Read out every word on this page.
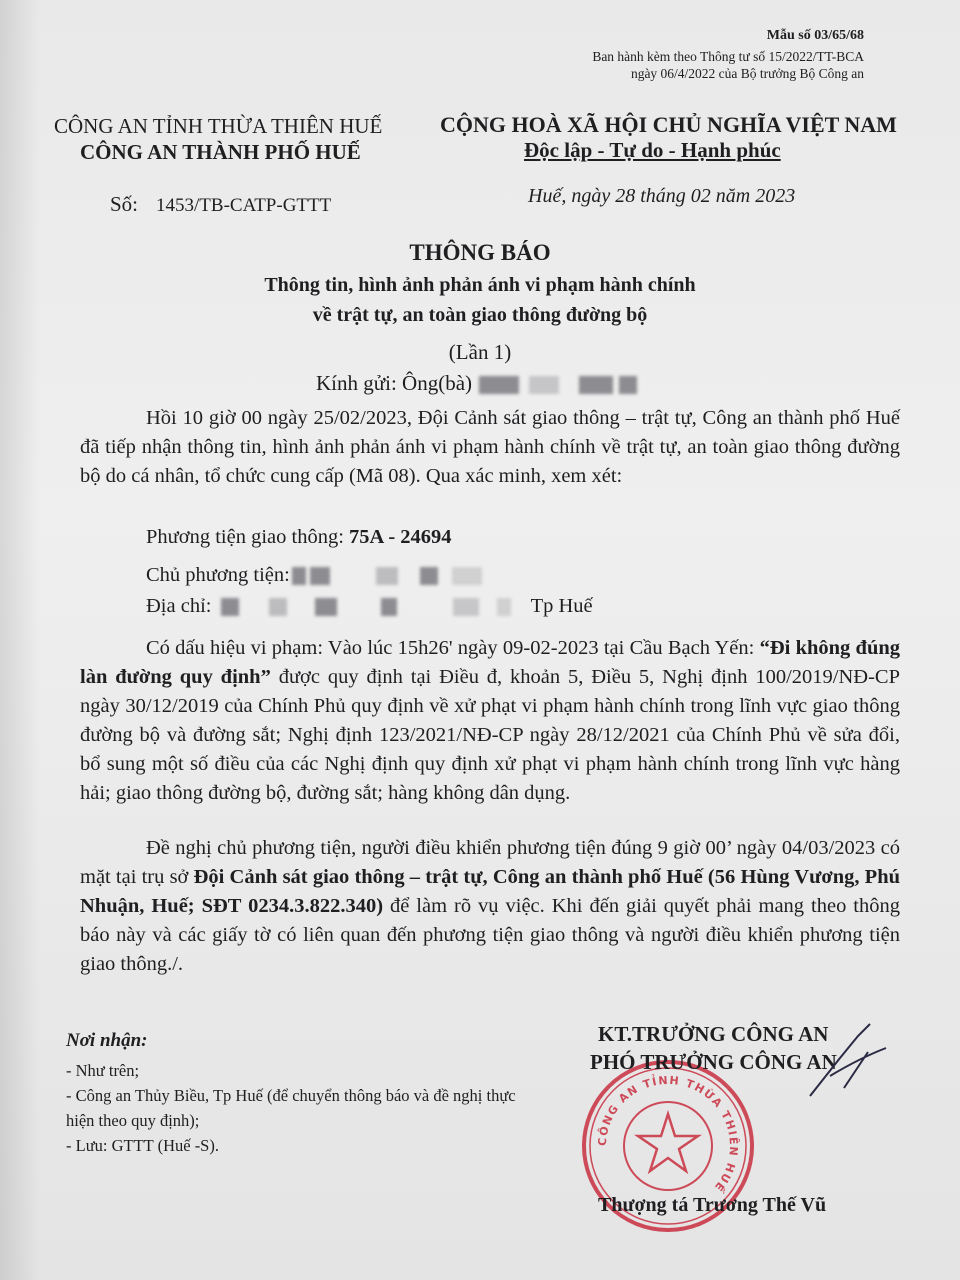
Mẫu số 03/65/68
Ban hành kèm theo Thông tư số 15/2022/TT-BCA
ngày 06/4/2022 của Bộ trưởng Bộ Công an
CÔNG AN TỈNH THỪA THIÊN HUẾ
CÔNG AN THÀNH PHỐ HUẾ
CỘNG HOÀ XÃ HỘI CHỦ NGHĨA VIỆT NAM
Độc lập - Tự do - Hạnh phúc
Số: 1453/TB-CATP-GTTT	Huế, ngày 28 tháng 02 năm 2023
THÔNG BÁO
Thông tin, hình ảnh phản ánh vi phạm hành chính
về trật tự, an toàn giao thông đường bộ
(Lần 1)
Kính gửi: Ông(bà)
Hồi 10 giờ 00 ngày 25/02/2023, Đội Cảnh sát giao thông – trật tự, Công an thành phố Huế đã tiếp nhận thông tin, hình ảnh phản ánh vi phạm hành chính về trật tự, an toàn giao thông đường bộ do cá nhân, tổ chức cung cấp (Mã 08). Qua xác minh, xem xét:
Phương tiện giao thông: 75A - 24694
Chủ phương tiện:
Địa chỉ:	Tp Huế
Có dấu hiệu vi phạm: Vào lúc 15h26' ngày 09-02-2023 tại Cầu Bạch Yến: “Đi không đúng làn đường quy định” được quy định tại Điều đ, khoản 5, Điều 5, Nghị định 100/2019/NĐ-CP ngày 30/12/2019 của Chính Phủ quy định về xử phạt vi phạm hành chính trong lĩnh vực giao thông đường bộ và đường sắt; Nghị định 123/2021/NĐ-CP ngày 28/12/2021 của Chính Phủ về sửa đổi, bổ sung một số điều của các Nghị định quy định xử phạt vi phạm hành chính trong lĩnh vực hàng hải; giao thông đường bộ, đường sắt; hàng không dân dụng.
Đề nghị chủ phương tiện, người điều khiển phương tiện đúng 9 giờ 00’ ngày 04/03/2023 có mặt tại trụ sở Đội Cảnh sát giao thông – trật tự, Công an thành phố Huế (56 Hùng Vương, Phú Nhuận, Huế; SĐT 0234.3.822.340) để làm rõ vụ việc. Khi đến giải quyết phải mang theo thông báo này và các giấy tờ có liên quan đến phương tiện giao thông và người điều khiển phương tiện giao thông./.
Nơi nhận:
- Như trên;
- Công an Thủy Biều, Tp Huế (để chuyển thông báo và đề nghị thực hiện theo quy định);
- Lưu: GTTT (Huế -S).	CÔNG AN TỈNH THỪA THIÊN HUẾ
KT.TRƯỞNG CÔNG AN
PHÓ TRƯỞNG CÔNG AN
Thượng tá Trương Thế Vũ
